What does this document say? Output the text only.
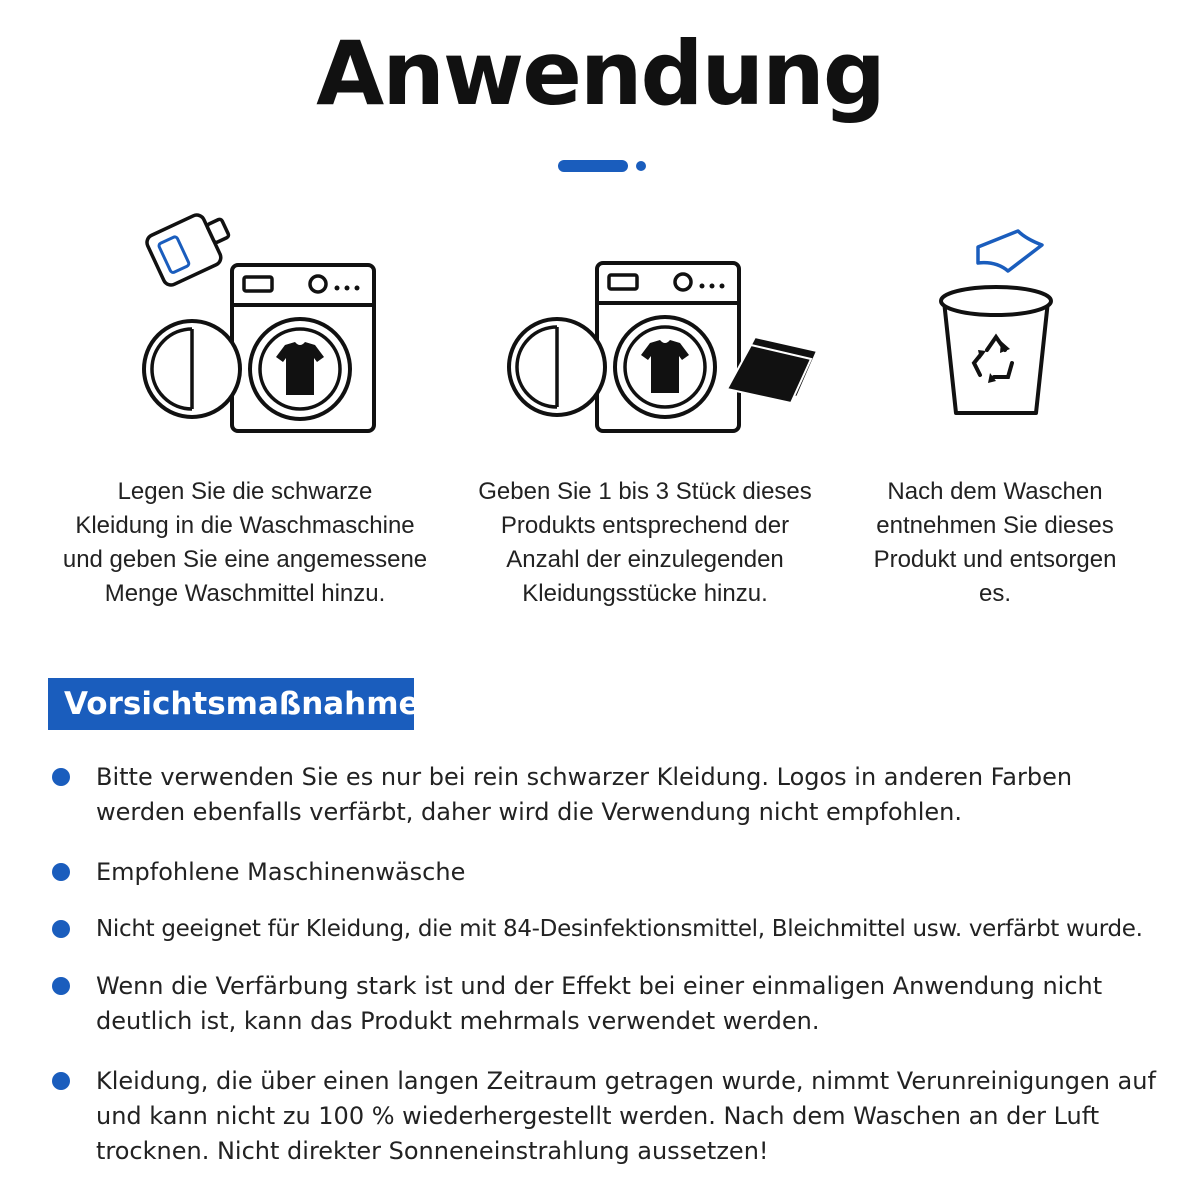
Anwendung
Legen Sie die schwarze
Kleidung in die Waschmaschine
und geben Sie eine angemessene
Menge Waschmittel hinzu.
Geben Sie 1 bis 3 Stück dieses
Produkts entsprechend der
Anzahl der einzulegenden
Kleidungsstücke hinzu.
Nach dem Waschen
entnehmen Sie dieses
Produkt und entsorgen
es.
Vorsichtsmaßnahmen
Bitte verwenden Sie es nur bei rein schwarzer Kleidung. Logos in anderen Farben
werden ebenfalls verfärbt, daher wird die Verwendung nicht empfohlen.
Empfohlene Maschinenwäsche
Nicht geeignet für Kleidung, die mit 84-Desinfektionsmittel, Bleichmittel usw. verfärbt wurde.
Wenn die Verfärbung stark ist und der Effekt bei einer einmaligen Anwendung nicht
deutlich ist, kann das Produkt mehrmals verwendet werden.
Kleidung, die über einen langen Zeitraum getragen wurde, nimmt Verunreinigungen auf
und kann nicht zu 100 % wiederhergestellt werden. Nach dem Waschen an der Luft
trocknen. Nicht direkter Sonneneinstrahlung aussetzen!
